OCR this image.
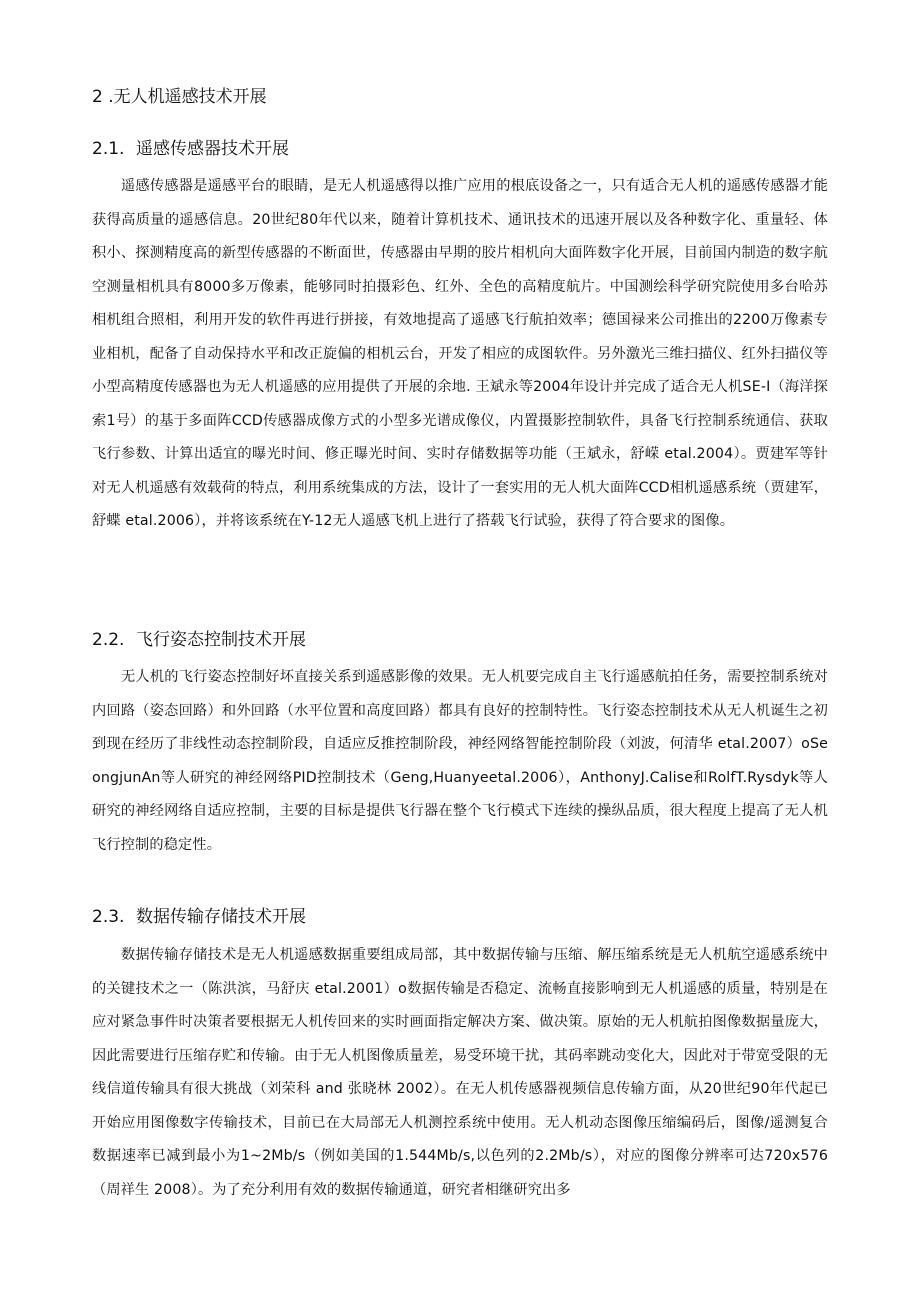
2 .无人机遥感技术开展
2.1. 遥感传感器技术开展
遥感传感器是遥感平台的眼睛，是无人机遥感得以推广应用的根底设备之一，只有适合无人机的遥感传感器才能获得高质量的遥感信息。20世纪80年代以来，随着计算机技术、通讯技术的迅速开展以及各种数字化、重量轻、体积小、探测精度高的新型传感器的不断面世，传感器由早期的胶片相机向大面阵数字化开展，目前国内制造的数字航空测量相机具有8000多万像素，能够同时拍摄彩色、红外、全色的高精度航片。中国测绘科学研究院使用多台哈苏相机组合照相，利用开发的软件再进行拼接，有效地提高了遥感飞行航拍效率；德国禄来公司推出的2200万像素专业相机，配备了自动保持水平和改正旋偏的相机云台，开发了相应的成图软件。另外激光三维扫描仪、红外扫描仪等小型高精度传感器也为无人机遥感的应用提供了开展的余地. 王斌永等2004年设计并完成了适合无人机SE-I（海洋探索1号）的基于多面阵CCD传感器成像方式的小型多光谱成像仪，内置摄影控制软件，具备飞行控制系统通信、获取飞行参数、计算出适宜的曝光时间、修正曝光时间、实时存储数据等功能（王斌永，舒嵘 etal.2004）。贾建军等针对无人机遥感有效载荷的特点，利用系统集成的方法，设计了一套实用的无人机大面阵CCD相机遥感系统（贾建军，舒蝶 etal.2006），并将该系统在Y-12无人遥感飞机上进行了搭载飞行试验，获得了符合要求的图像。
2.2. 飞行姿态控制技术开展
无人机的飞行姿态控制好坏直接关系到遥感影像的效果。无人机要完成自主飞行遥感航拍任务，需要控制系统对内回路（姿态回路）和外回路（水平位置和高度回路）都具有良好的控制特性。飞行姿态控制技术从无人机诞生之初到现在经历了非线性动态控制阶段，自适应反推控制阶段，神经网络智能控制阶段（刘波，何清华 etal.2007）oSeongjunAn等人研究的神经网络PID控制技术（Geng,Huanyeetal.2006），AnthonyJ.Calise和RolfT.Rysdyk等人研究的神经网络自适应控制，主要的目标是提供飞行器在整个飞行模式下连续的操纵品质，很大程度上提高了无人机飞行控制的稳定性。
2.3. 数据传输存储技术开展
数据传输存储技术是无人机遥感数据重要组成局部，其中数据传输与压缩、解压缩系统是无人机航空遥感系统中的关键技术之一（陈洪滨，马舒庆 etal.2001）o数据传输是否稳定、流畅直接影响到无人机遥感的质量，特别是在应对紧急事件时决策者要根据无人机传回来的实时画面指定解决方案、做决策。原始的无人机航拍图像数据量庞大，因此需要进行压缩存贮和传输。由于无人机图像质量差，易受环境干扰，其码率跳动变化大，因此对于带宽受限的无线信道传输具有很大挑战（刘荣科 and 张晓林 2002）。在无人机传感器视频信息传输方面，从20世纪90年代起已开始应用图像数字传输技术，目前已在大局部无人机测控系统中使用。无人机动态图像压缩编码后，图像/遥测复合数据速率已减到最小为1~2Mb/s（例如美国的1.544Mb/s,以色列的2.2Mb∕s），对应的图像分辨率可达720x576（周祥生 2008）。为了充分利用有效的数据传输通道，研究者相继研究出多
